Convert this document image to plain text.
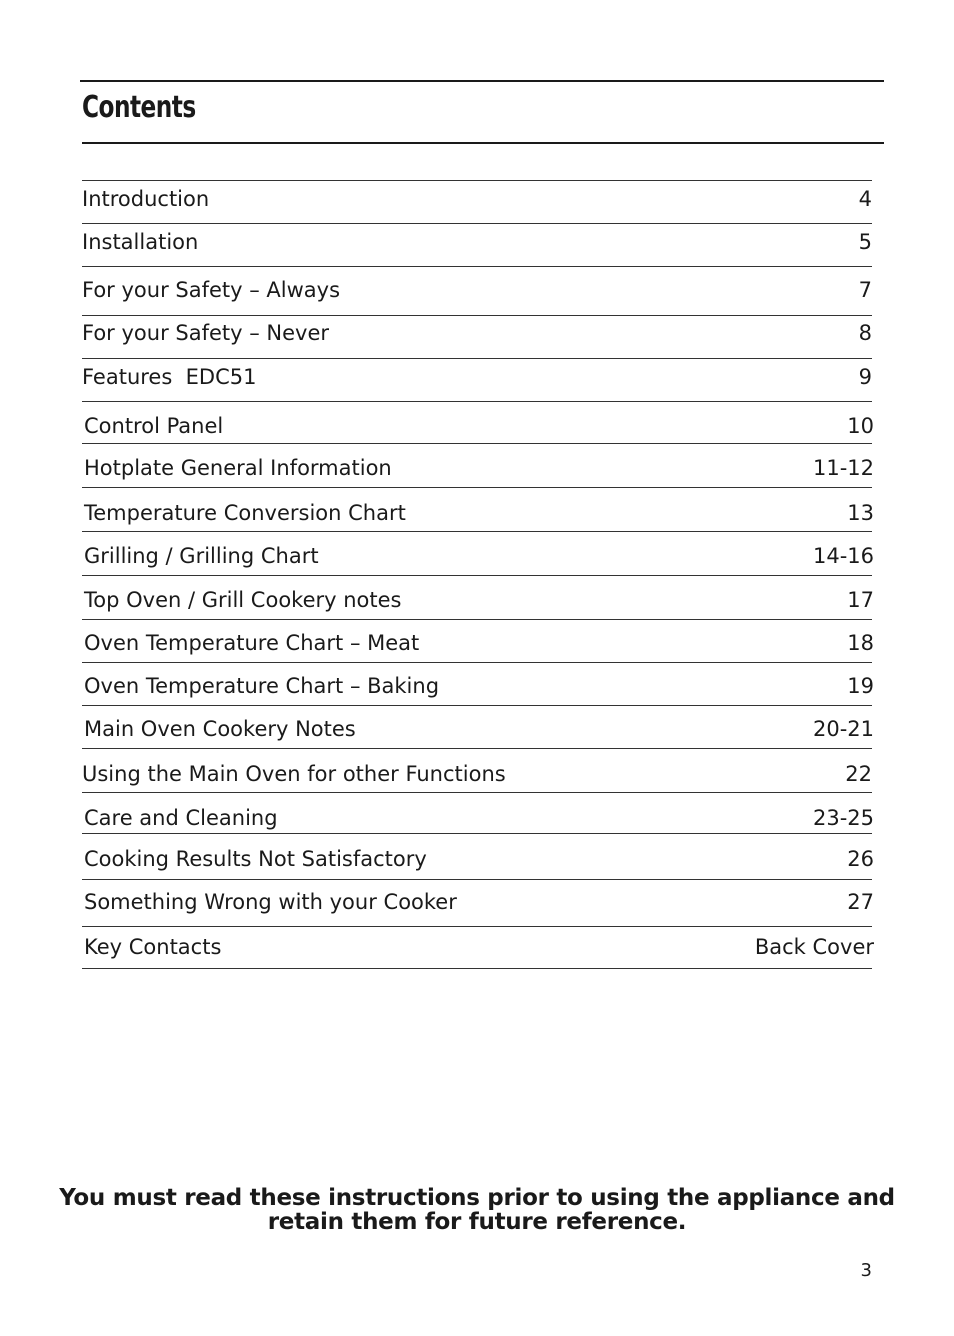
Contents
Introduction	4
Installation	5
For your Safety – Always	7
For your Safety – Never	8
Features  EDC51	9
Control Panel	10
Hotplate General Information	11-12
Temperature Conversion Chart	13
Grilling / Grilling Chart	14-16
Top Oven / Grill Cookery notes	17
Oven Temperature Chart – Meat	18
Oven Temperature Chart – Baking	19
Main Oven Cookery Notes	20-21
Using the Main Oven for other Functions	22
Care and Cleaning	23-25
Cooking Results Not Satisfactory	26
Something Wrong with your Cooker	27
Key Contacts	Back Cover
You must read these instructions prior to using the appliance and
retain them for future reference.
3
